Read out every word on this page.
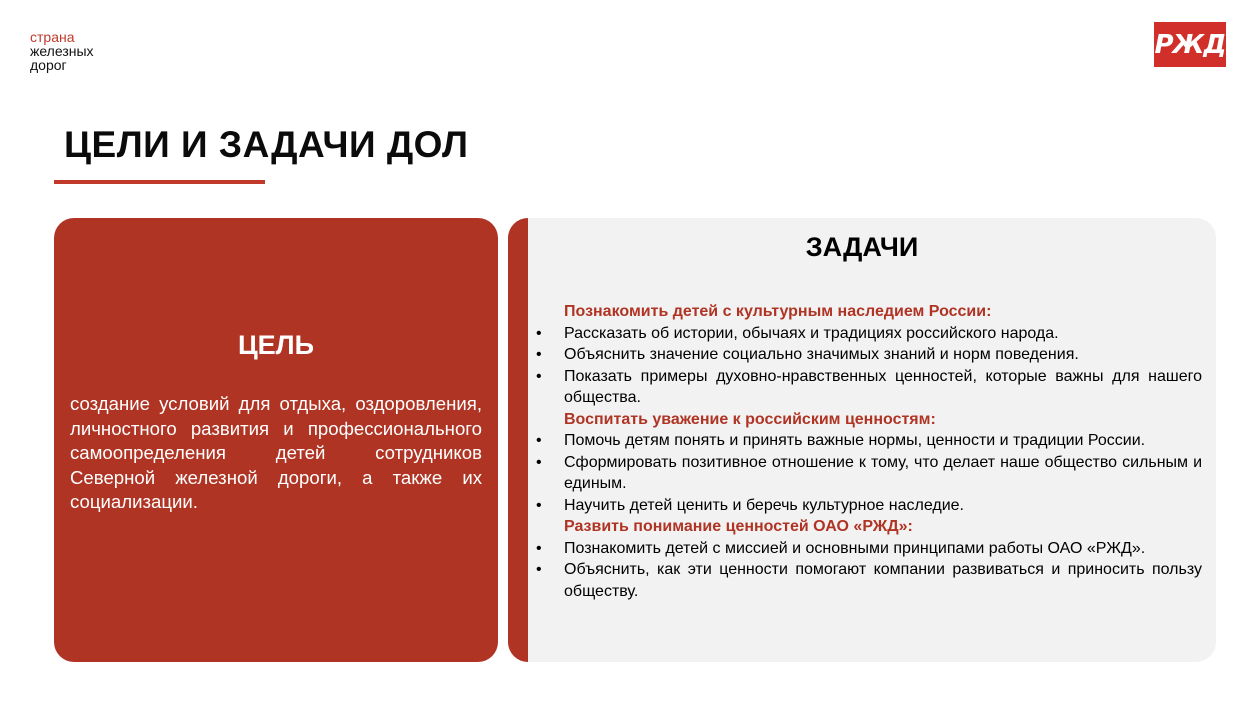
страна
железных
дорог
РЖД
ЦЕЛИ И ЗАДАЧИ ДОЛ
ЦЕЛЬ

создание условий для отдыха, оздоровления, личностного развития и профессионального самоопределения детей сотрудников Северной железной дороги, а также их социализации.

ЗАДАЧИ
Познакомить детей с культурным наследием России:
• Рассказать об истории, обычаях и традициях российского народа.
• Объяснить значение социально значимых знаний и норм поведения.
• Показать примеры духовно-нравственных ценностей, которые важны для нашего общества.
Воспитать уважение к российским ценностям:
• Помочь детям понять и принять важные нормы, ценности и традиции России.
• Сформировать позитивное отношение к тому, что делает наше общество сильным и единым.
• Научить детей ценить и беречь культурное наследие.
Развить понимание ценностей ОАО «РЖД»:
• Познакомить детей с миссией и основными принципами работы ОАО «РЖД».
• Объяснить, как эти ценности помогают компании развиваться и приносить пользу обществу.
